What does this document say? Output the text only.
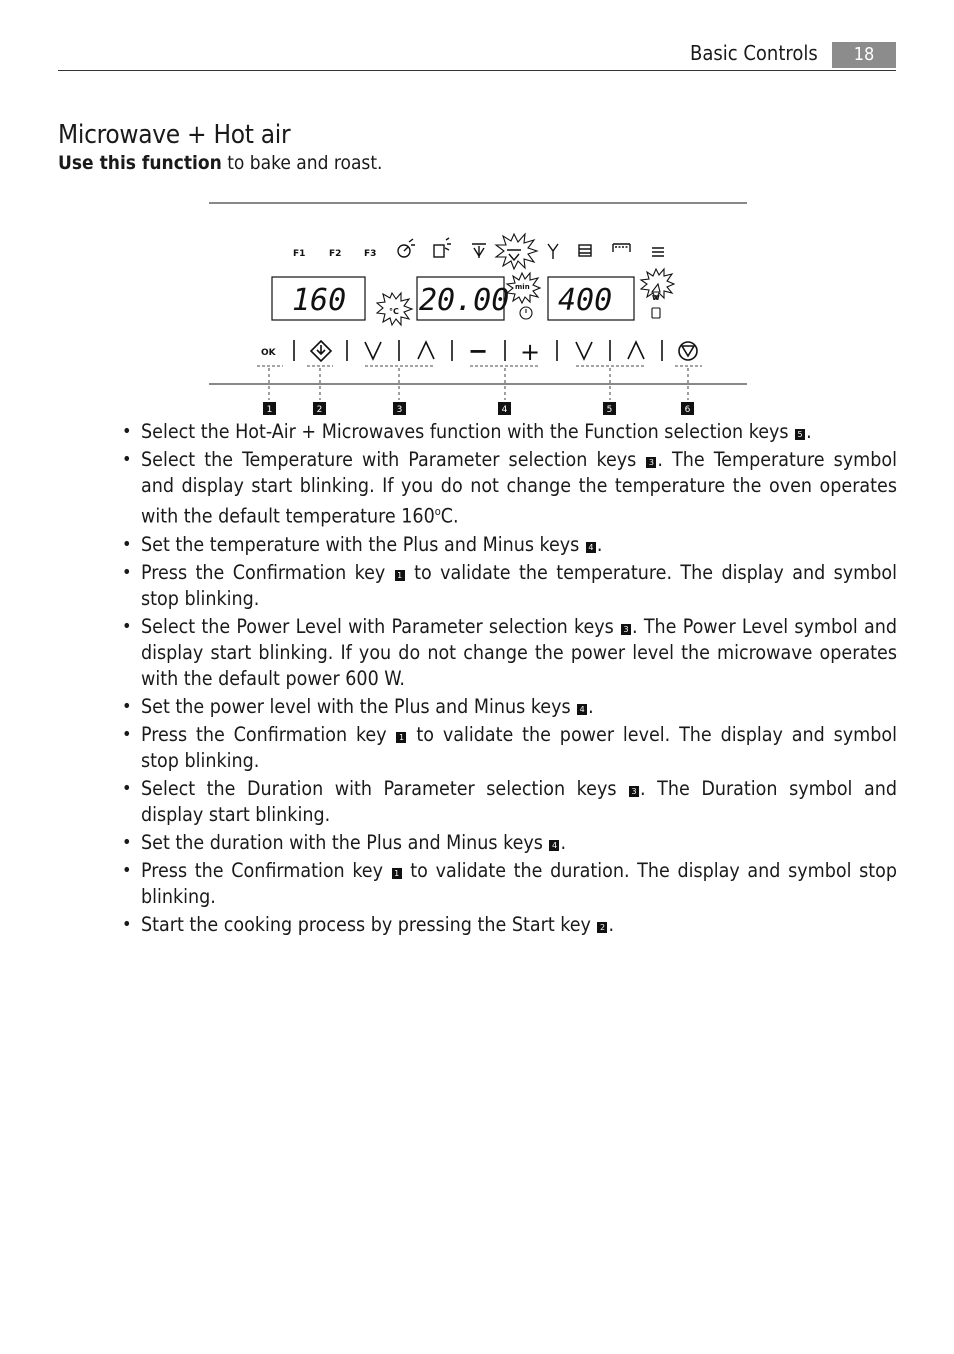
Basic Controls	18
Microwave + Hot air
Use this function to bake and roast.
F1	F2	F3
160 20.00 400
°C
min
W
OK	− +
1	2	3	4	5	6
• Select the Hot-Air + Microwaves function with the Function selection keys 5 .
• Select the Temperature with Parameter selection keys 3 . The Temperature symbol and display start blinking. If you do not change the temperature the oven operates with the default temperature 160$^o$C.
• Set the temperature with the Plus and Minus keys 4 .
• Press the Confirmation key 1 to validate the temperature. The display and symbol stop blinking.
• Select the Power Level with Parameter selection keys 3 . The Power Level symbol and display start blinking. If you do not change the power level the microwave operates with the default power 600 W.
• Set the power level with the Plus and Minus keys 4 .
• Press the Confirmation key 1 to validate the power level. The display and symbol stop blinking.
• Select the Duration with Parameter selection keys 3 . The Duration symbol and display start blinking.
• Set the duration with the Plus and Minus keys 4 .
• Press the Confirmation key 1 to validate the duration. The display and symbol stop blinking.
• Start the cooking process by pressing the Start key 2 .
